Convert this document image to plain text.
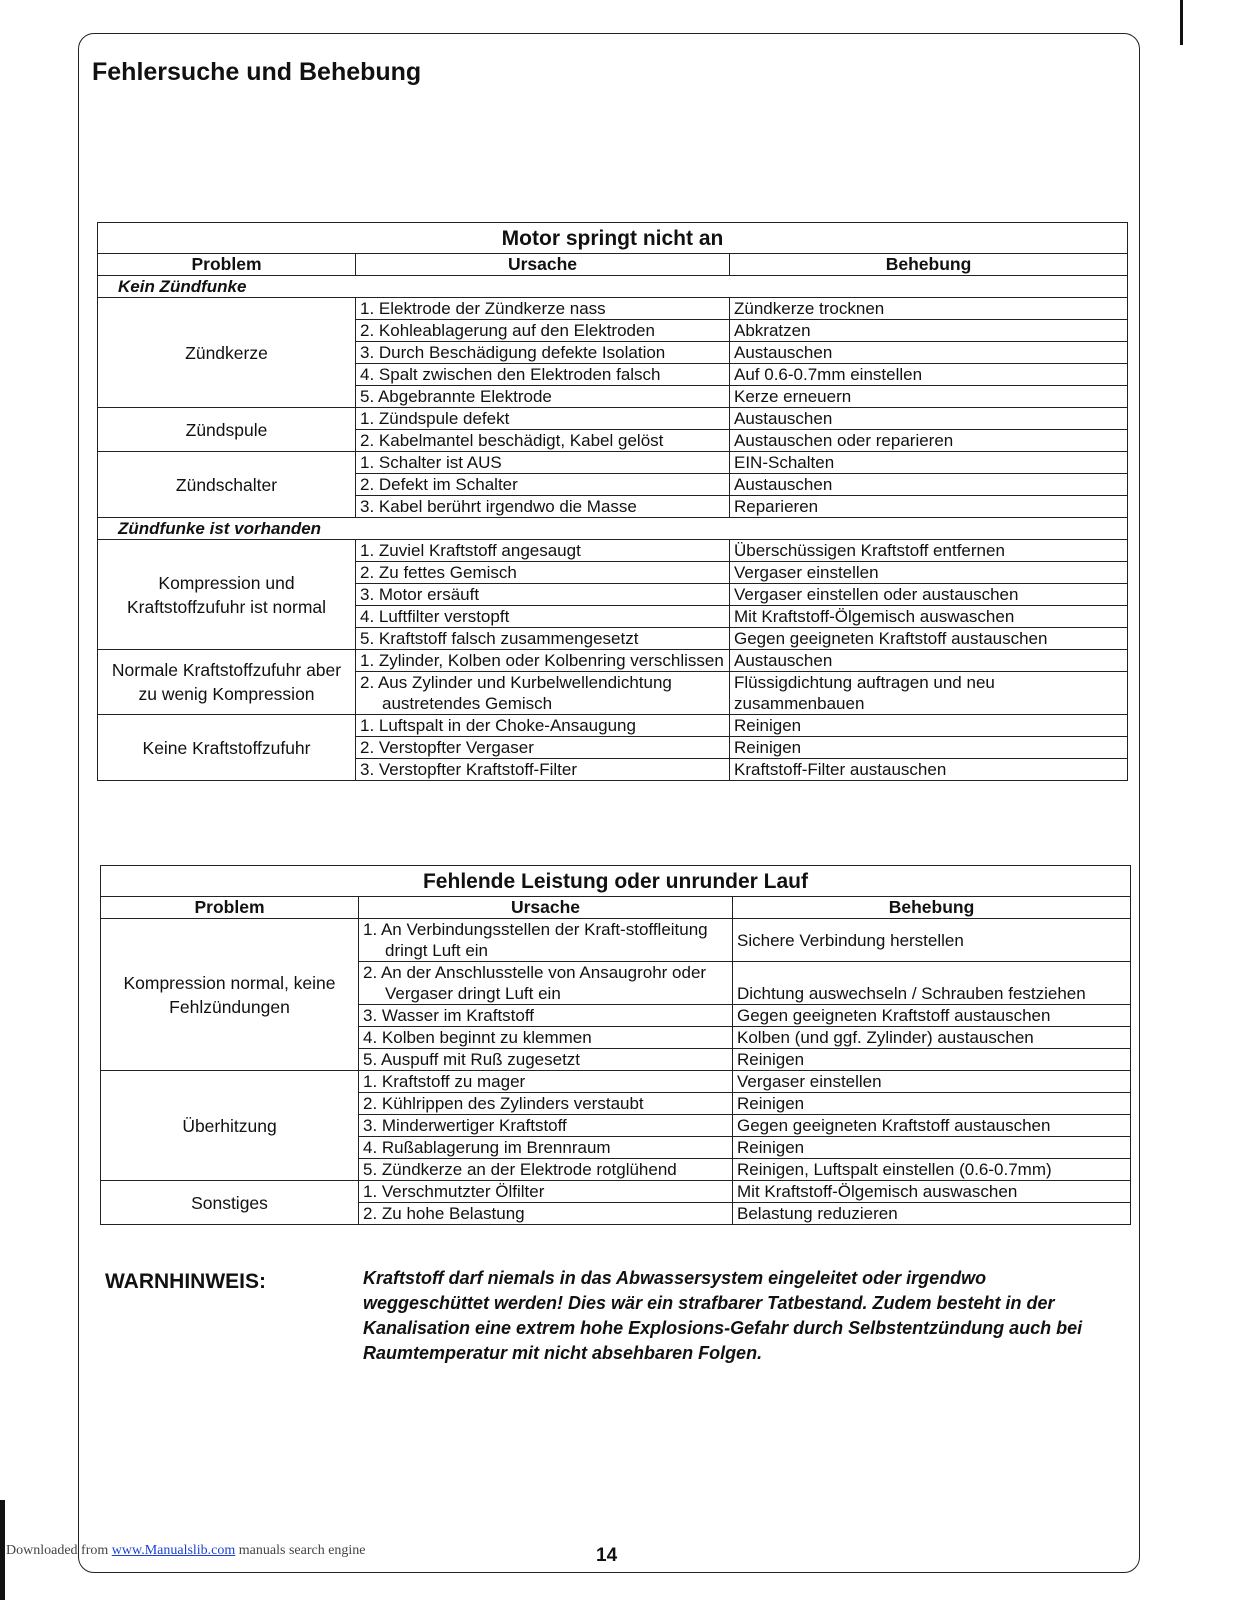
Fehlersuche und Behebung
Motor springt nicht an		
Problem	Ursache	Behebung
Kein Zündfunke		
Zündkerze	1. Elektrode der Zündkerze nass	Zündkerze trocknen
	2. Kohleablagerung auf den Elektroden	Abkratzen
	3. Durch Beschädigung defekte Isolation	Austauschen
	4. Spalt zwischen den Elektroden falsch	Auf 0.6-0.7mm einstellen
	5. Abgebrannte Elektrode	Kerze erneuern
Zündspule	1. Zündspule defekt	Austauschen
	2. Kabelmantel beschädigt, Kabel gelöst	Austauschen oder reparieren
Zündschalter	1. Schalter ist AUS	EIN-Schalten
	2. Defekt im Schalter	Austauschen
	3. Kabel berührt irgendwo die Masse	Reparieren
Zündfunke ist vorhanden		
Kompression und
Kraftstoffzufuhr ist normal	1. Zuviel Kraftstoff angesaugt	Überschüssigen Kraftstoff entfernen
	2. Zu fettes Gemisch	Vergaser einstellen
	3. Motor ersäuft	Vergaser einstellen oder austauschen
	4. Luftfilter verstopft	Mit Kraftstoff-Ölgemisch auswaschen
	5. Kraftstoff falsch zusammengesetzt	Gegen geeigneten Kraftstoff austauschen
Normale Kraftstoffzufuhr aber
zu wenig Kompression	1. Zylinder, Kolben oder Kolbenring verschlissen	Austauschen
	2. Aus Zylinder und Kurbelwellendichtung austretendes Gemisch	Flüssigdichtung auftragen und neu zusammenbauen
Keine Kraftstoffzufuhr	1. Luftspalt in der Choke-Ansaugung	Reinigen
	2. Verstopfter Vergaser	Reinigen
	3. Verstopfter Kraftstoff-Filter	Kraftstoff-Filter austauschen
Fehlende Leistung oder unrunder Lauf		
Problem	Ursache	Behebung
Kompression normal, keine
Fehlzündungen	1. An Verbindungsstellen der Kraft-stoffleitung dringt Luft ein	Sichere Verbindung herstellen
	2. An der Anschlusstelle von Ansaugrohr oder Vergaser dringt Luft ein	Dichtung auswechseln / Schrauben festziehen
	3. Wasser im Kraftstoff	Gegen geeigneten Kraftstoff austauschen
	4. Kolben beginnt zu klemmen	Kolben (und ggf. Zylinder) austauschen
	5. Auspuff mit Ruß zugesetzt	Reinigen
Überhitzung	1. Kraftstoff zu mager	Vergaser einstellen
	2. Kühlrippen des Zylinders verstaubt	Reinigen
	3. Minderwertiger Kraftstoff	Gegen geeigneten Kraftstoff austauschen
	4. Rußablagerung im Brennraum	Reinigen
	5. Zündkerze an der Elektrode rotglühend	Reinigen, Luftspalt einstellen (0.6-0.7mm)
Sonstiges	1. Verschmutzter Ölfilter	Mit Kraftstoff-Ölgemisch auswaschen
	2. Zu hohe Belastung	Belastung reduzieren

WARNHINWEIS:	Kraftstoff darf niemals in das Abwassersystem eingeleitet oder irgendwo weggeschüttet werden! Dies wär ein strafbarer Tatbestand. Zudem besteht in der Kanalisation eine extrem hohe Explosions-Gefahr durch Selbstentzündung auch bei Raumtemperatur mit nicht absehbaren Folgen.

Downloaded from www.Manualslib.com manuals search engine	14
